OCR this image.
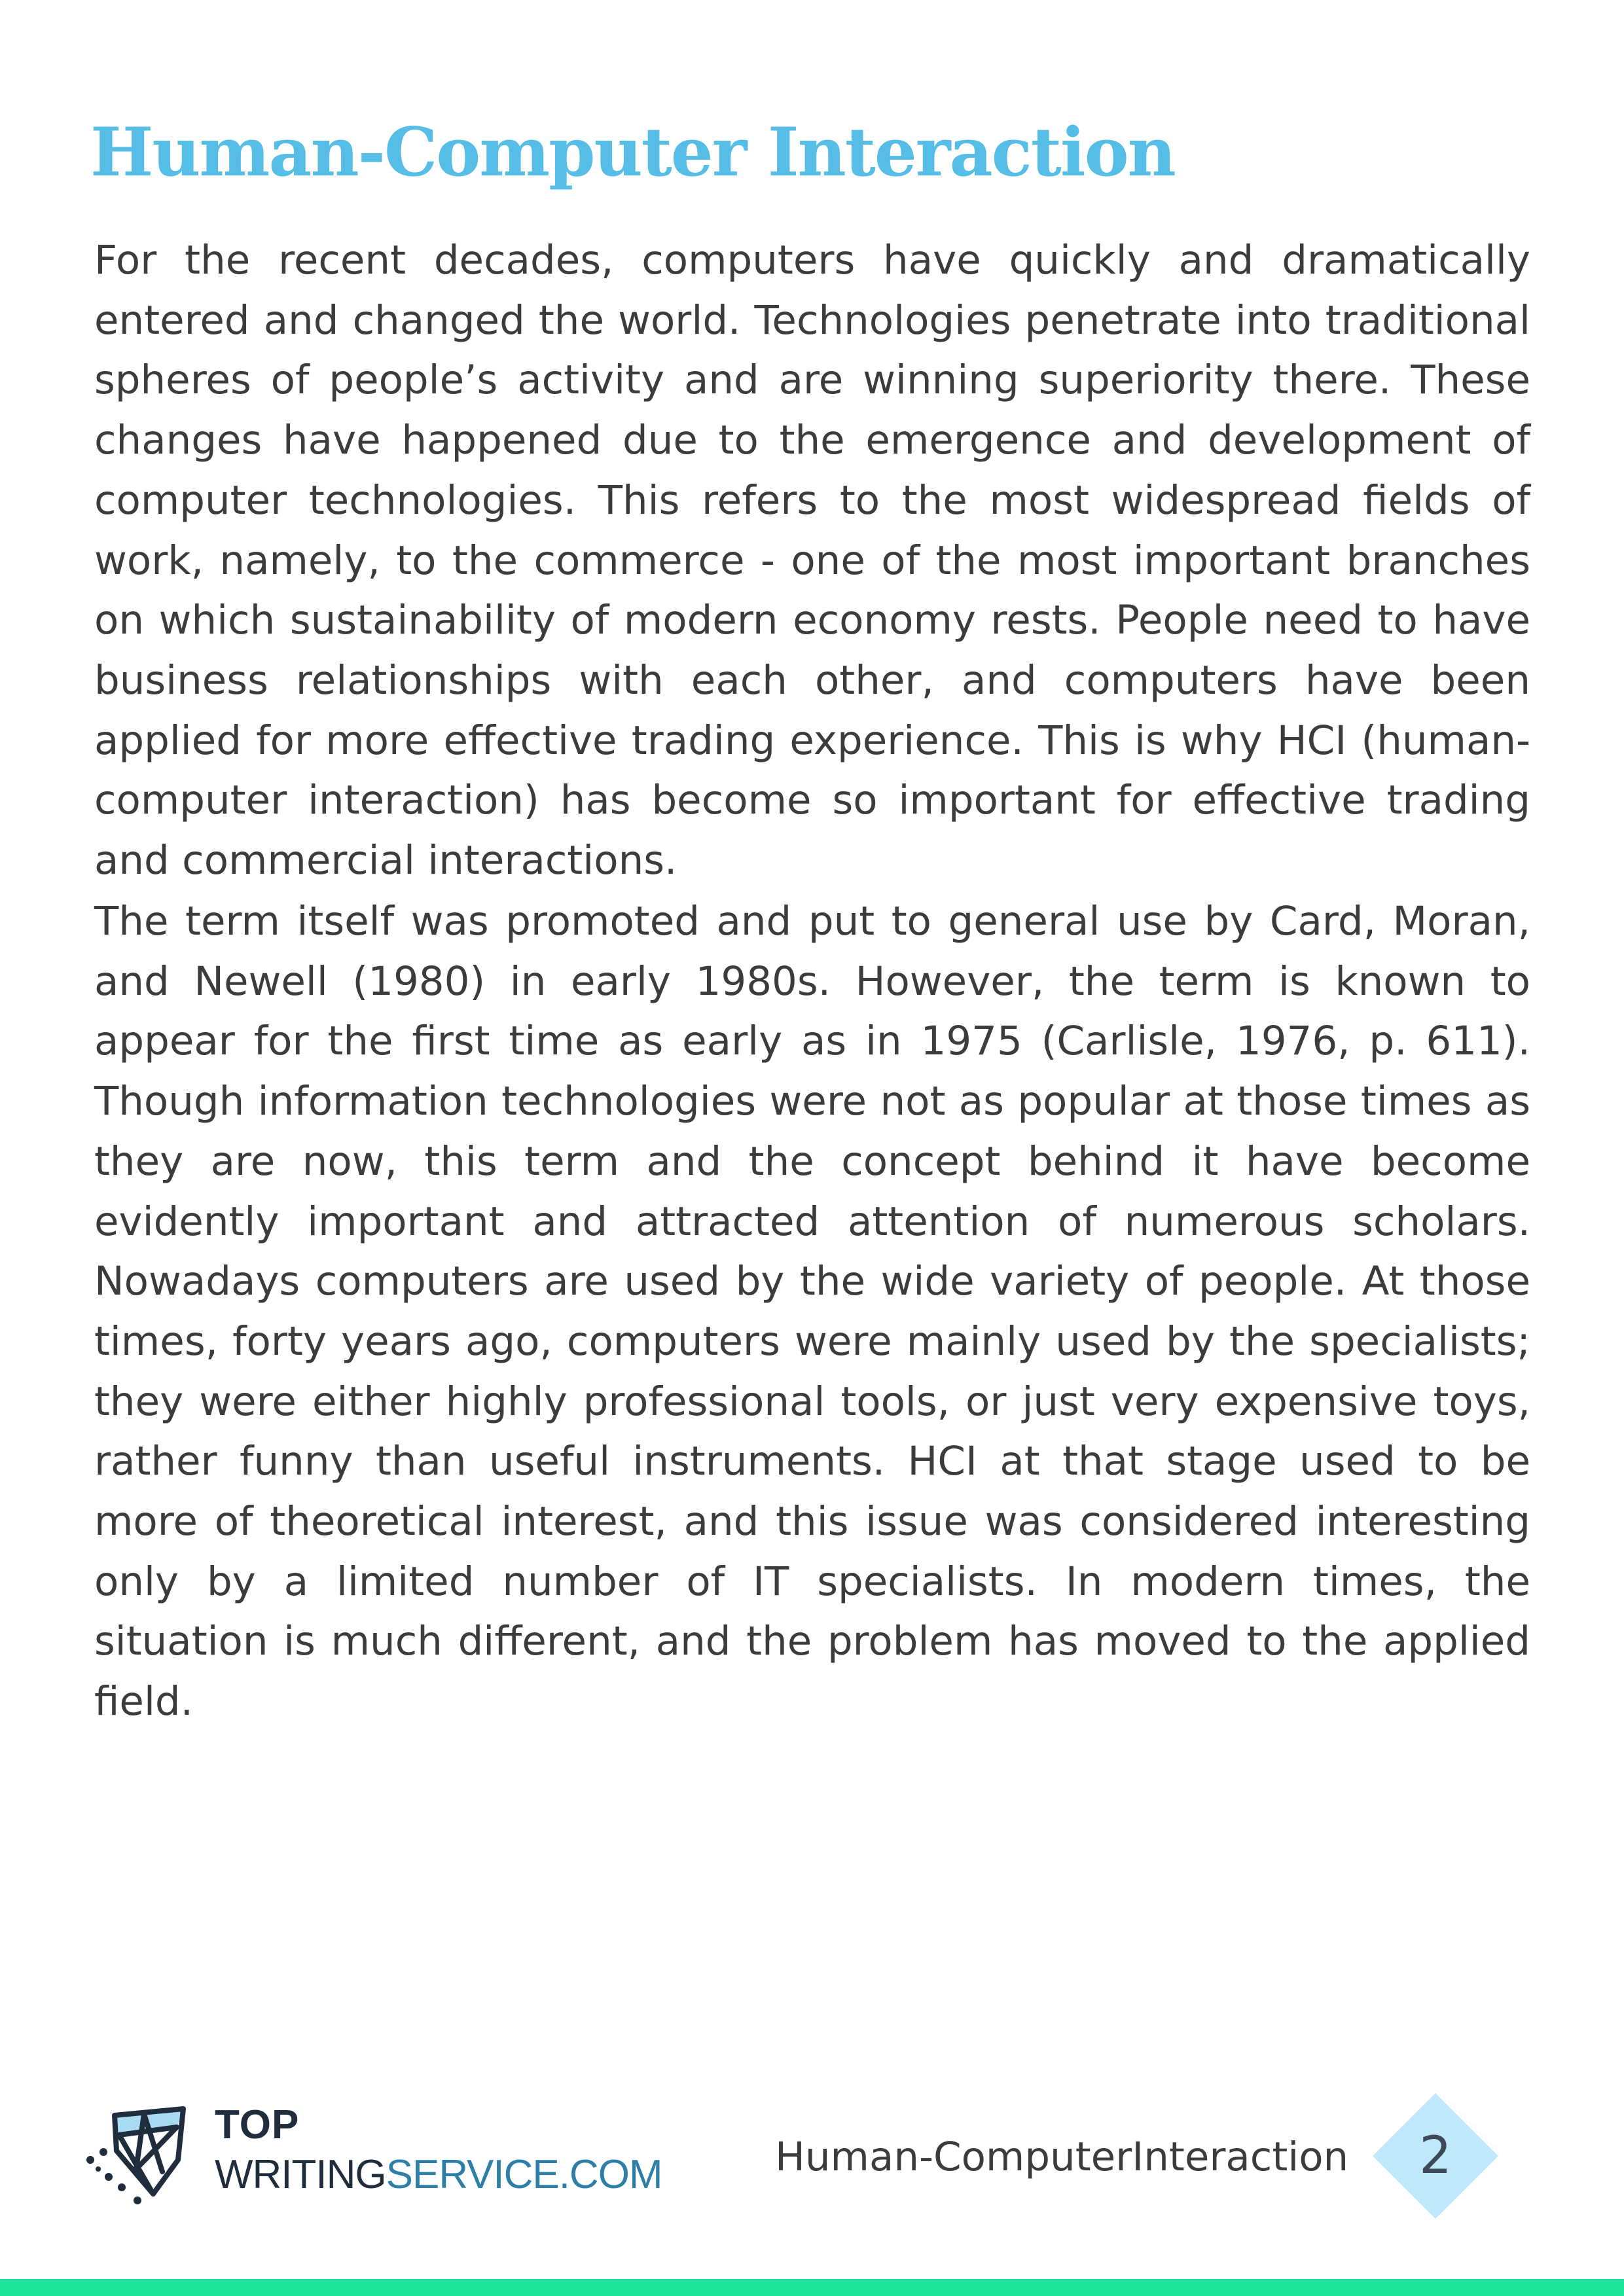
Human-Computer Interaction

For the recent decades, computers have quickly and dramatically entered and changed the world. Technologies penetrate into traditional spheres of people’s activity and are winning superiority there. These changes have happened due to the emergence and development of computer technologies. This refers to the most widespread fields of work, namely, to the commerce - one of the most important branches on which sustainability of modern economy rests. People need to have business relationships with each other, and computers have been applied for more effective trading experience. This is why HCI (human-computer interaction) has become so important for effective trading and commercial interactions.

The term itself was promoted and put to general use by Card, Moran, and Newell (1980) in early 1980s. However, the term is known to appear for the first time as early as in 1975 (Carlisle, 1976, p. 611). Though information technologies were not as popular at those times as they are now, this term and the concept behind it have become evidently important and attracted attention of numerous scholars. Nowadays computers are used by the wide variety of people. At those times, forty years ago, computers were mainly used by the specialists; they were either highly professional tools, or just very expensive toys, rather funny than useful instruments. HCI at that stage used to be more of theoretical interest, and this issue was considered interesting only by a limited number of IT specialists. In modern times, the situation is much different, and the problem has moved to the applied field.

TOP
WRITINGSERVICE.COM	Human-ComputerInteraction	2
